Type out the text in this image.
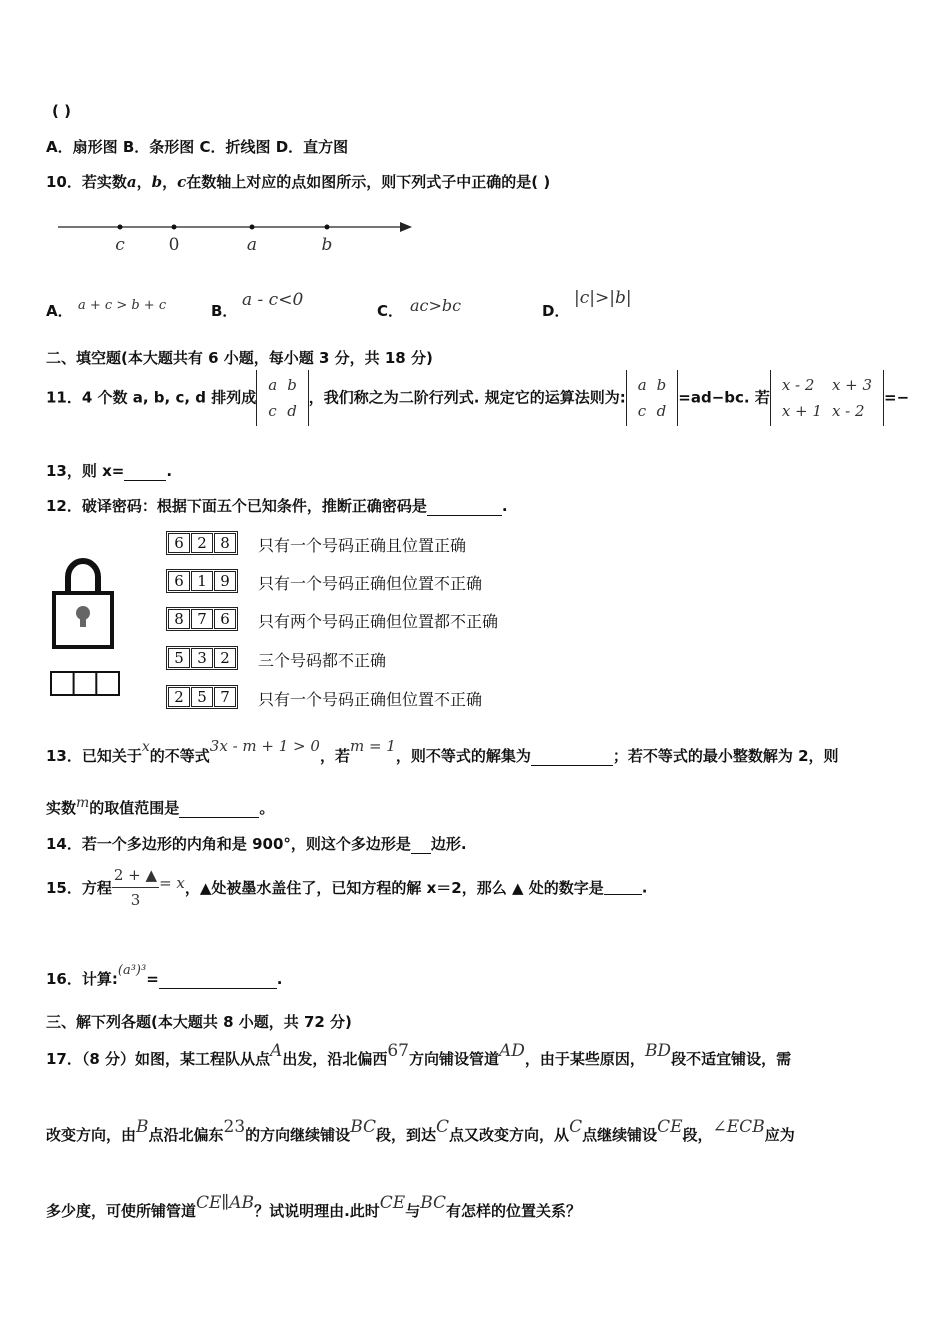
( )
A．扇形图 B．条形图 C．折线图 D．直方图
10．若实数a，b，c在数轴上对应的点如图所示，则下列式子中正确的是( )
c	0	a	b
A． a + c > b + c	B．
a - c<0
C． ac>bc	D．
|c|>|b|
二、填空题(本大题共有 6 小题，每小题 3 分，共 18 分)
11．4 个数 a, b, c, d 排列成
a	b
c	d
，我们称之为二阶行列式. 规定它的运算法则为:
a	b
c	d
=ad−bc. 若
x - 2	x + 3
x + 1	x - 2
=−
13，则 x=	.
12．破译密码：根据下面五个已知条件，推断正确密码是	.
6 2 8	只有一个号码正确且位置正确
6 1 9	只有一个号码正确但位置不正确
8 7 6	只有两个号码正确但位置都不正确
5 3 2	三个号码都不正确
2 5 7	只有一个号码正确但位置不正确
13．已知关于x的不等式3x - m + 1 > 0，若m = 1，则不等式的解集为	；若不等式的最小整数解为 2，则
实数m的取值范围是	。
14．若一个多边形的内角和是 900°，则这个多边形是 边形.
15．方程 $\frac{2 + ▲}{3} = x$，▲处被墨水盖住了，已知方程的解 x＝2，那么 ▲ 处的数字是	.
16．计算:(a³)³=	.
三、解下列各题(本大题共 8 小题，共 72 分)
17．（8 分）如图，某工程队从点A出发，沿北偏西67方向铺设管道AD，由于某些原因，BD段不适宜铺设，需
改变方向，由B点沿北偏东23的方向继续铺设BC段，到达C点又改变方向，从C点继续铺设CE段，∠ECB应为
多少度，可使所铺管道CE∥AB？试说明理由.此时CE与BC有怎样的位置关系？
